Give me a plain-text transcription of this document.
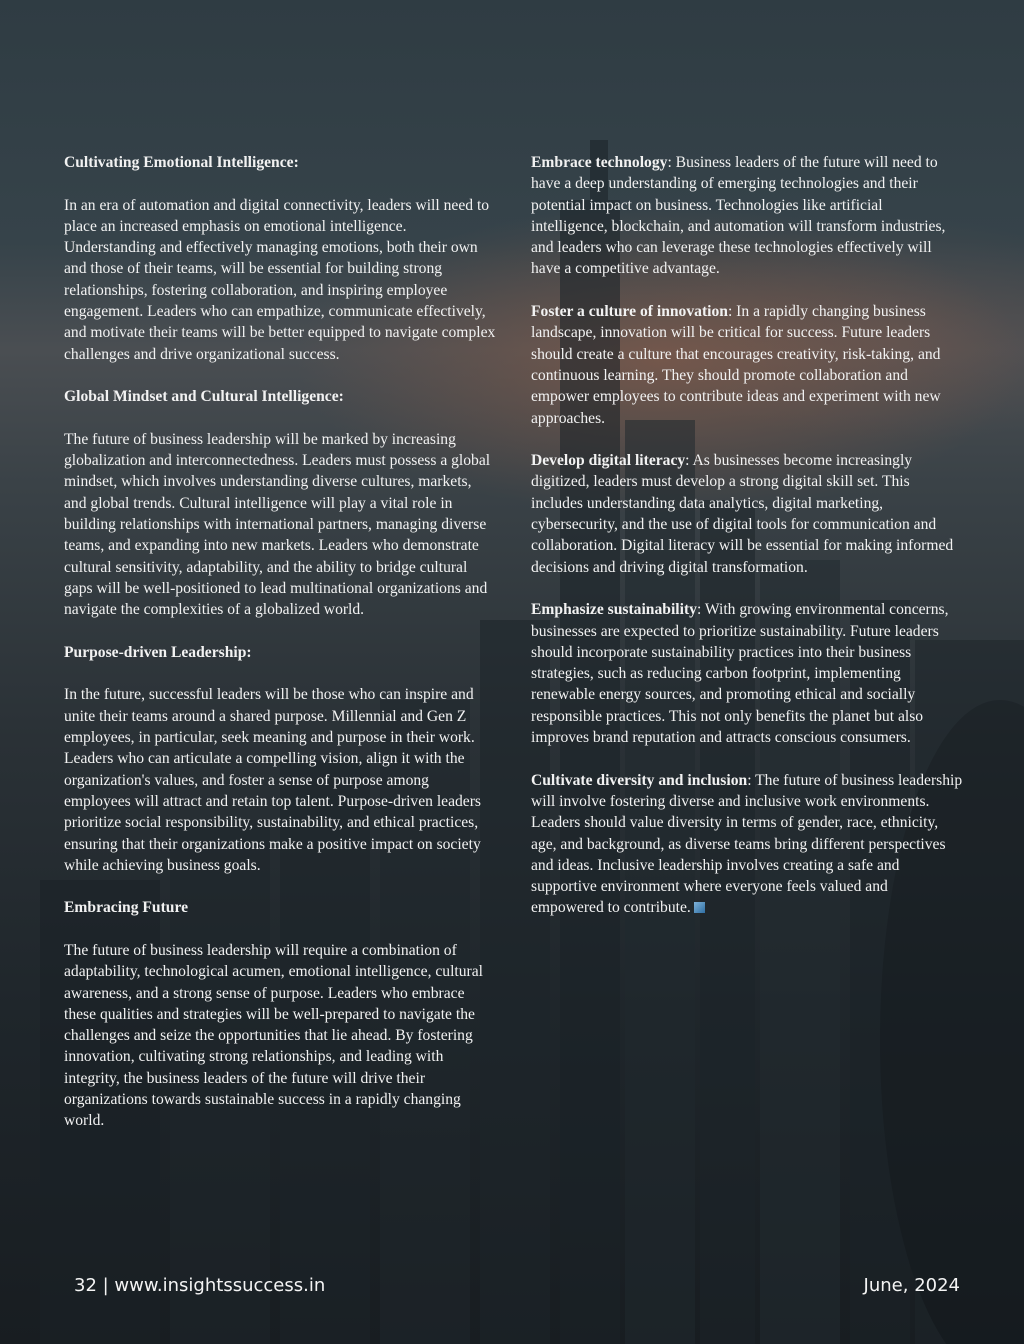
Cultivating Emotional Intelligence:

In an era of automation and digital connectivity, leaders will need to place an increased emphasis on emotional intelligence. Understanding and effectively managing emotions, both their own and those of their teams, will be essential for building strong relationships, fostering collaboration, and inspiring employee engagement. Leaders who can empathize, communicate effectively, and motivate their teams will be better equipped to navigate complex challenges and drive organizational success.

Global Mindset and Cultural Intelligence:

The future of business leadership will be marked by increasing globalization and interconnectedness. Leaders must possess a global mindset, which involves understanding diverse cultures, markets, and global trends. Cultural intelligence will play a vital role in building relationships with international partners, managing diverse teams, and expanding into new markets. Leaders who demonstrate cultural sensitivity, adaptability, and the ability to bridge cultural gaps will be well-positioned to lead multinational organizations and navigate the complexities of a globalized world.

Purpose-driven Leadership:

In the future, successful leaders will be those who can inspire and unite their teams around a shared purpose. Millennial and Gen Z employees, in particular, seek meaning and purpose in their work. Leaders who can articulate a compelling vision, align it with the organization's values, and foster a sense of purpose among employees will attract and retain top talent. Purpose-driven leaders prioritize social responsibility, sustainability, and ethical practices, ensuring that their organizations make a positive impact on society while achieving business goals.

Embracing Future

The future of business leadership will require a combination of adaptability, technological acumen, emotional intelligence, cultural awareness, and a strong sense of purpose. Leaders who embrace these qualities and strategies will be well-prepared to navigate the challenges and seize the opportunities that lie ahead. By fostering innovation, cultivating strong relationships, and leading with integrity, the business leaders of the future will drive their organizations towards sustainable success in a rapidly changing world.

Embrace technology: Business leaders of the future will need to have a deep understanding of emerging technologies and their potential impact on business. Technologies like artificial intelligence, blockchain, and automation will transform industries, and leaders who can leverage these technologies effectively will have a competitive advantage.

Foster a culture of innovation: In a rapidly changing business landscape, innovation will be critical for success. Future leaders should create a culture that encourages creativity, risk-taking, and continuous learning. They should promote collaboration and empower employees to contribute ideas and experiment with new approaches.

Develop digital literacy: As businesses become increasingly digitized, leaders must develop a strong digital skill set. This includes understanding data analytics, digital marketing, cybersecurity, and the use of digital tools for communication and collaboration. Digital literacy will be essential for making informed decisions and driving digital transformation.

Emphasize sustainability: With growing environmental concerns, businesses are expected to prioritize sustainability. Future leaders should incorporate sustainability practices into their business strategies, such as reducing carbon footprint, implementing renewable energy sources, and promoting ethical and socially responsible practices. This not only benefits the planet but also improves brand reputation and attracts conscious consumers.

Cultivate diversity and inclusion: The future of business leadership will involve fostering diverse and inclusive work environments. Leaders should value diversity in terms of gender, race, ethnicity, age, and background, as diverse teams bring different perspectives and ideas. Inclusive leadership involves creating a safe and supportive environment where everyone feels valued and empowered to contribute.

32 | www.insightssuccess.in	June, 2024
